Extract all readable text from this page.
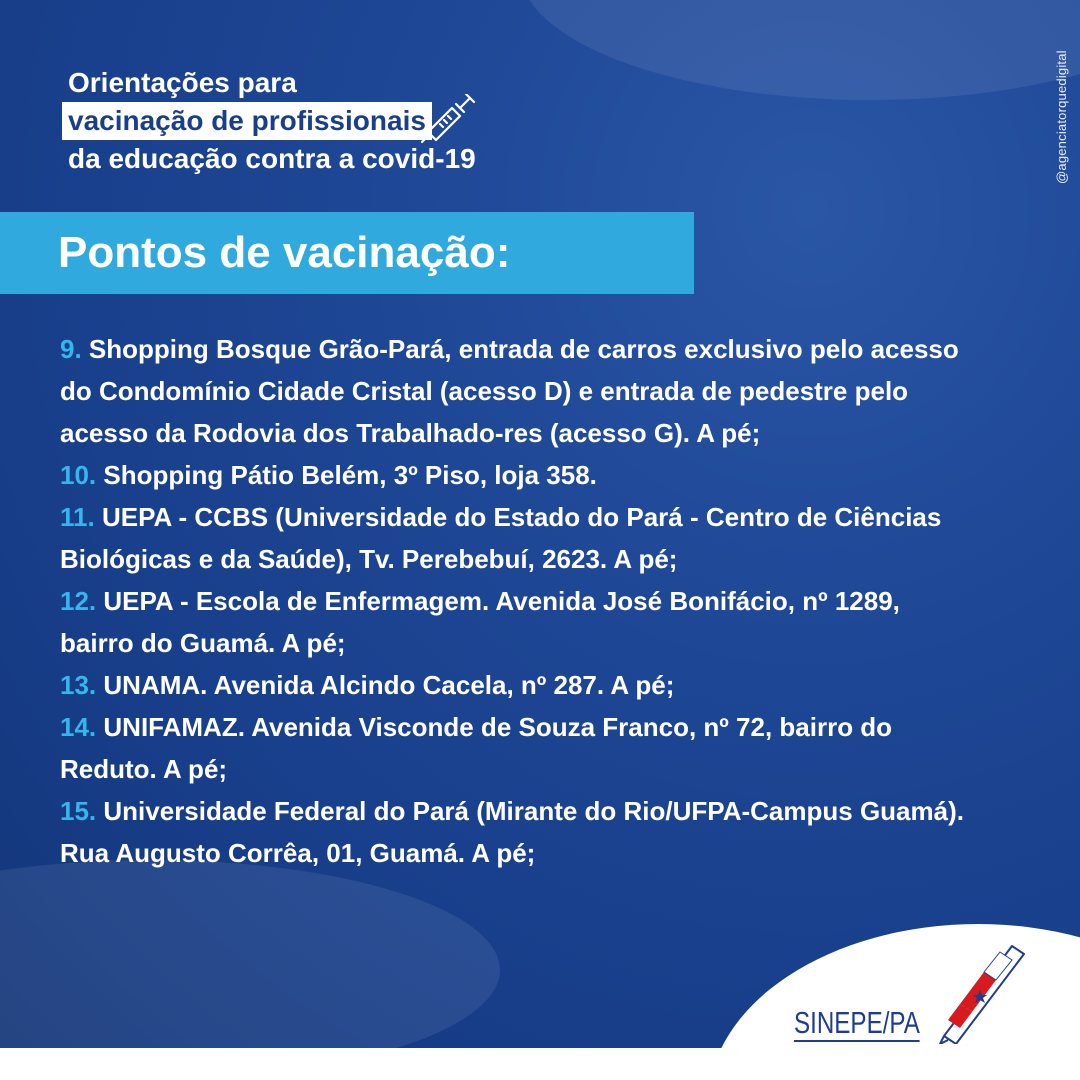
Orientações para
vacinação de profissionais
da educação contra a covid-19	@agenciatorquedigital
Pontos de vacinação:
9. Shopping Bosque Grão-Pará, entrada de carros exclusivo pelo acesso do Condomínio Cidade Cristal (acesso D) e entrada de pedestre pelo acesso da Rodovia dos Trabalhado-res (acesso G). A pé;
10. Shopping Pátio Belém, 3º Piso, loja 358.
11. UEPA - CCBS (Universidade do Estado do Pará - Centro de Ciências Biológicas e da Saúde), Tv. Perebebuí, 2623. A pé;
12. UEPA - Escola de Enfermagem. Avenida José Bonifácio, nº 1289, bairro do Guamá. A pé;
13. UNAMA. Avenida Alcindo Cacela, nº 287. A pé;
14. UNIFAMAZ. Avenida Visconde de Souza Franco, nº 72, bairro do Reduto. A pé;
15. Universidade Federal do Pará (Mirante do Rio/UFPA-Campus Guamá). Rua Augusto Corrêa, 01, Guamá. A pé;
SINEPE/PA
